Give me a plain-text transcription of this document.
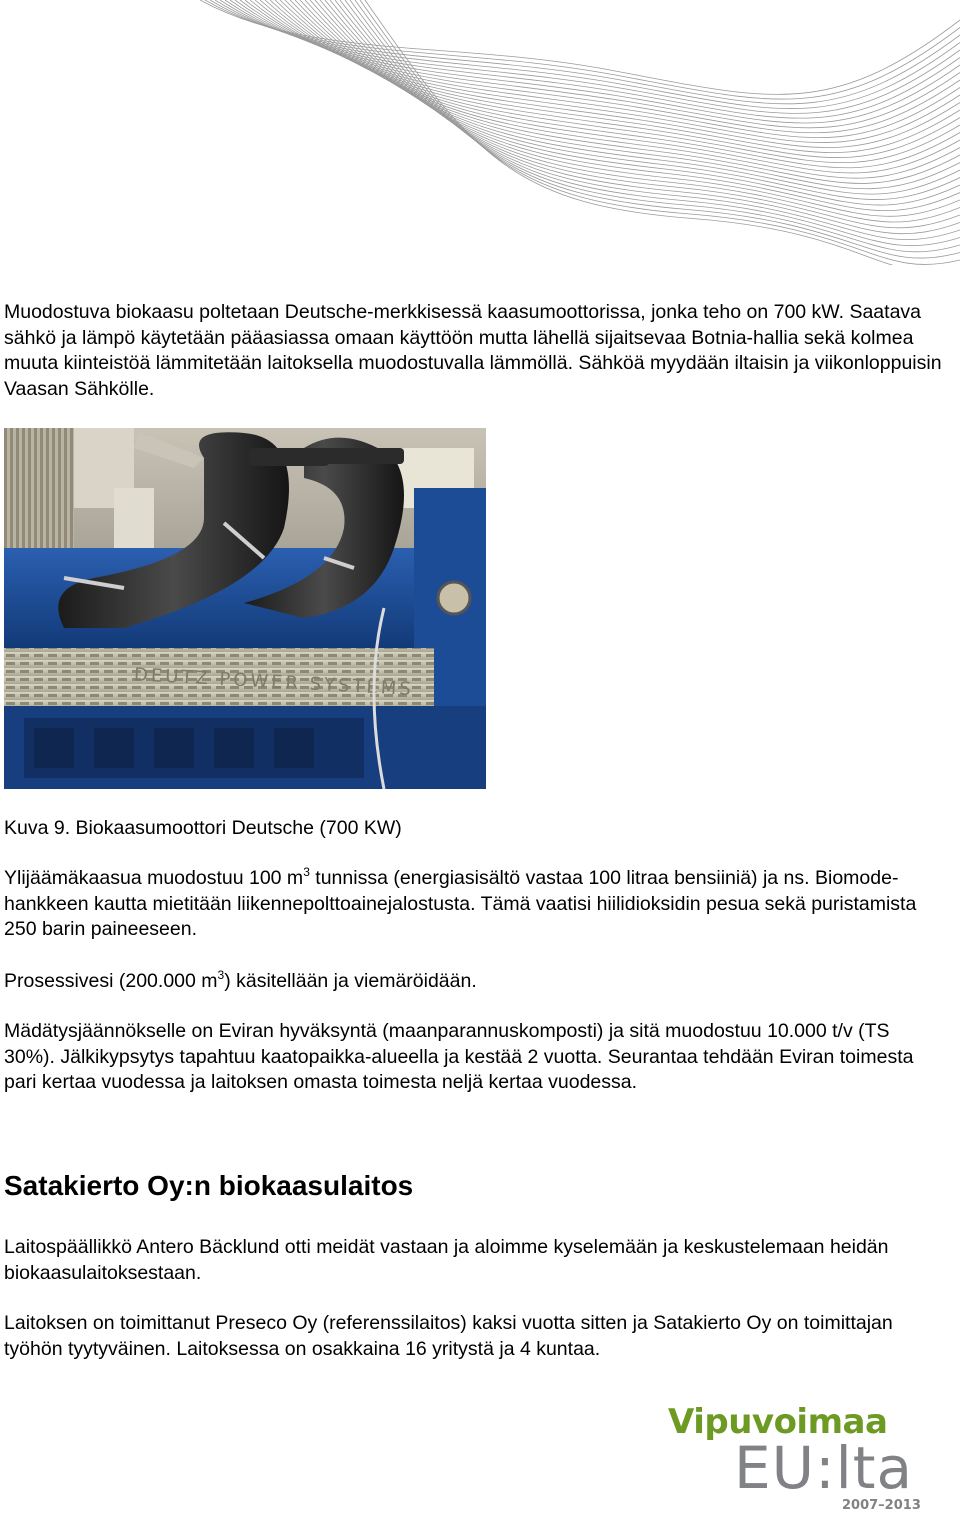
Muodostuva biokaasu poltetaan Deutsche-merkkisessä kaasumoottorissa, jonka teho on 700 kW. Saatava sähkö ja lämpö käytetään pääasiassa omaan käyttöön mutta lähellä sijaitsevaa Botnia-hallia sekä kolmea muuta kiinteistöä lämmitetään laitoksella muodostuvalla lämmöllä. Sähköä myydään iltaisin ja viikonloppuisin Vaasan Sähkölle.

DEUTZ POWER SYSTEMS

Kuva 9. Biokaasumoottori Deutsche (700 KW)

Ylijäämäkaasua muodostuu 100 $m^3$ tunnissa (energiasisältö vastaa 100 litraa bensiiniä) ja ns. Biomode-hankkeen kautta mietitään liikennepolttoainejalostusta. Tämä vaatisi hiilidioksidin pesua sekä puristamista 250 barin paineeseen.

Prosessivesi (200.000 $m^3$) käsitellään ja viemäröidään.

Mädätysjäännökselle on Eviran hyväksyntä (maanparannuskomposti) ja sitä muodostuu 10.000 t/v (TS 30%). Jälkikypsytys tapahtuu kaatopaikka-alueella ja kestää 2 vuotta. Seurantaa tehdään Eviran toimesta pari kertaa vuodessa ja laitoksen omasta toimesta neljä kertaa vuodessa.

Satakierto Oy:n biokaasulaitos

Laitospäällikkö Antero Bäcklund otti meidät vastaan ja aloimme kyselemään ja keskustelemaan heidän biokaasulaitoksestaan.

Laitoksen on toimittanut Preseco Oy (referenssilaitos) kaksi vuotta sitten ja Satakierto Oy on toimittajan työhön tyytyväinen. Laitoksessa on osakkaina 16 yritystä ja 4 kuntaa.

Vipuvoimaa
EU:lta
2007–2013
